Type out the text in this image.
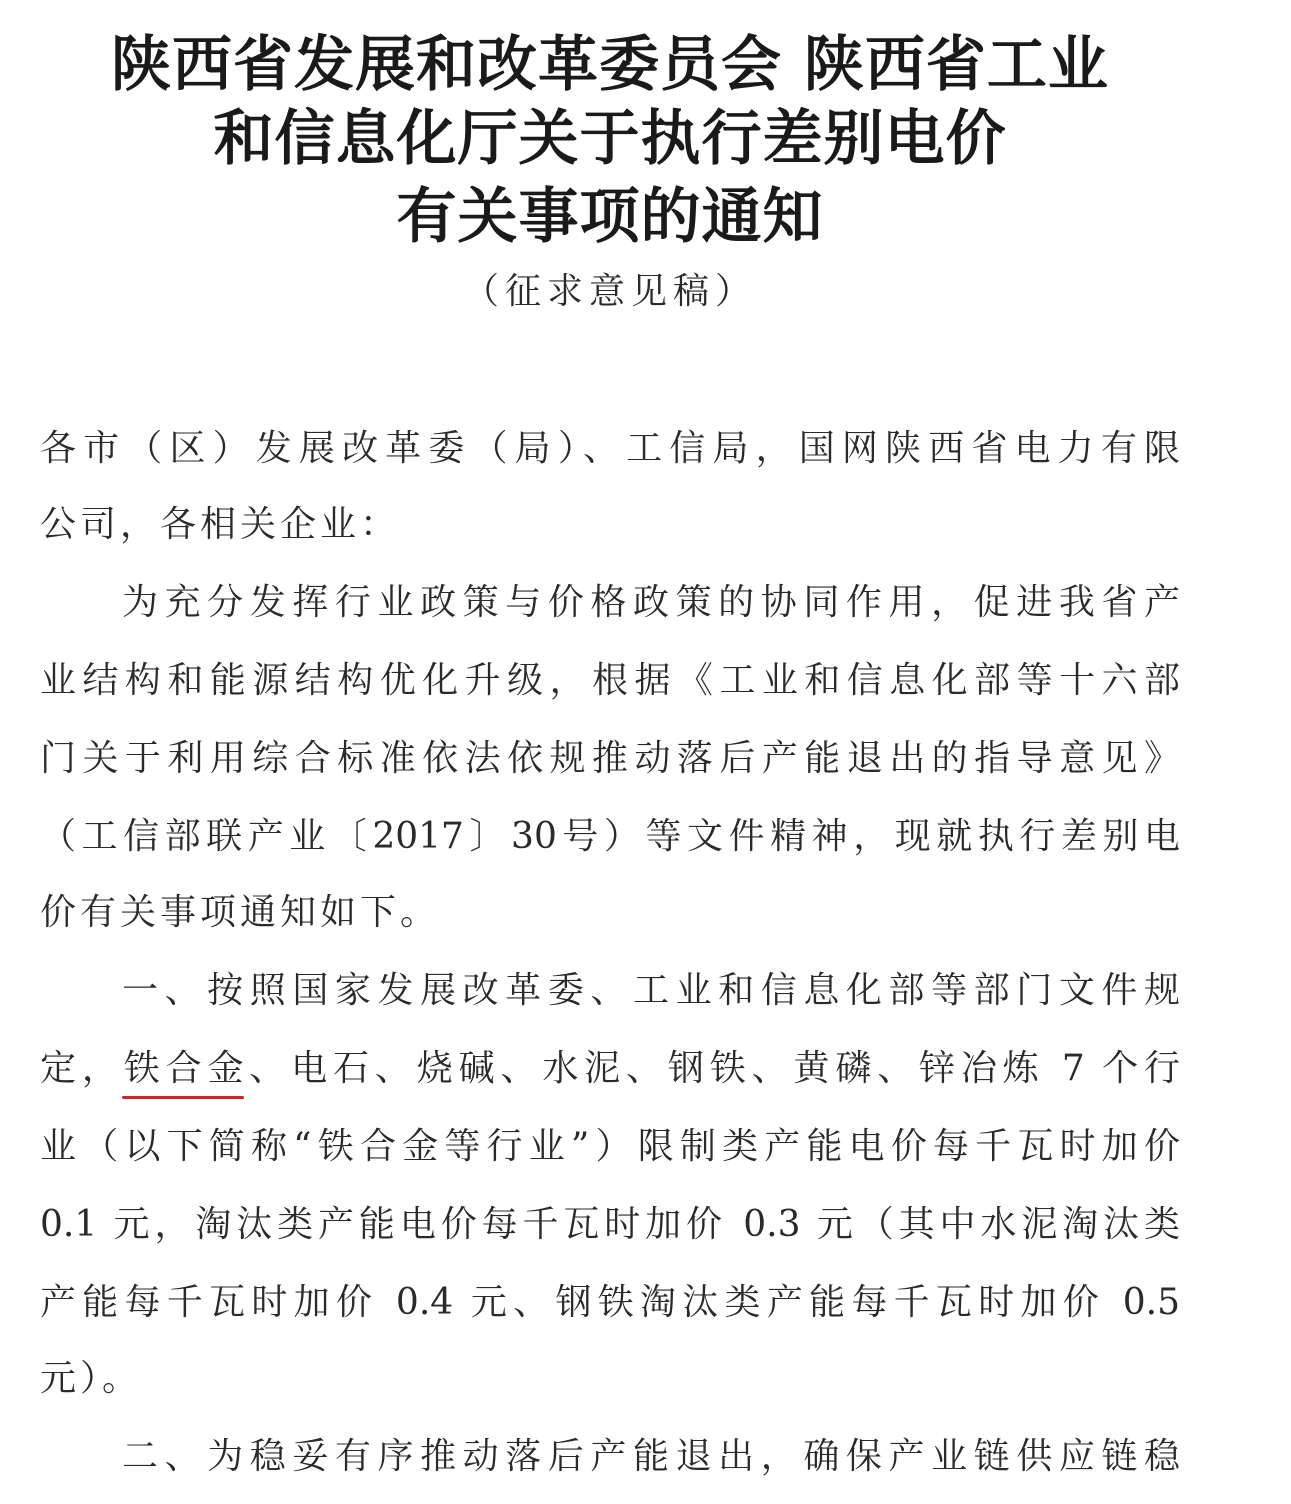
陕西省发展和改革委员会 陕西省工业
和信息化厅关于执行差别电价
有关事项的通知
（征求意见稿）
各市（区）发展改革委（局）、工信局，国网陕西省电力有限
公司，各相关企业：
为充分发挥行业政策与价格政策的协同作用，促进我省产
业结构和能源结构优化升级，根据《工业和信息化部等十六部
门关于利用综合标准依法依规推动落后产能退出的指导意见》
（工信部联产业〔2017〕30号）等文件精神，现就执行差别电
价有关事项通知如下。
一、按照国家发展改革委、工业和信息化部等部门文件规
定，铁合金、电石、烧碱、水泥、钢铁、黄磷、锌冶炼 7 个行
业（以下简称“铁合金等行业”）限制类产能电价每千瓦时加价
0.1 元，淘汰类产能电价每千瓦时加价 0.3 元（其中水泥淘汰类
产能每千瓦时加价 0.4 元、钢铁淘汰类产能每千瓦时加价 0.5
元）。
二、为稳妥有序推动落后产能退出，确保产业链供应链稳
